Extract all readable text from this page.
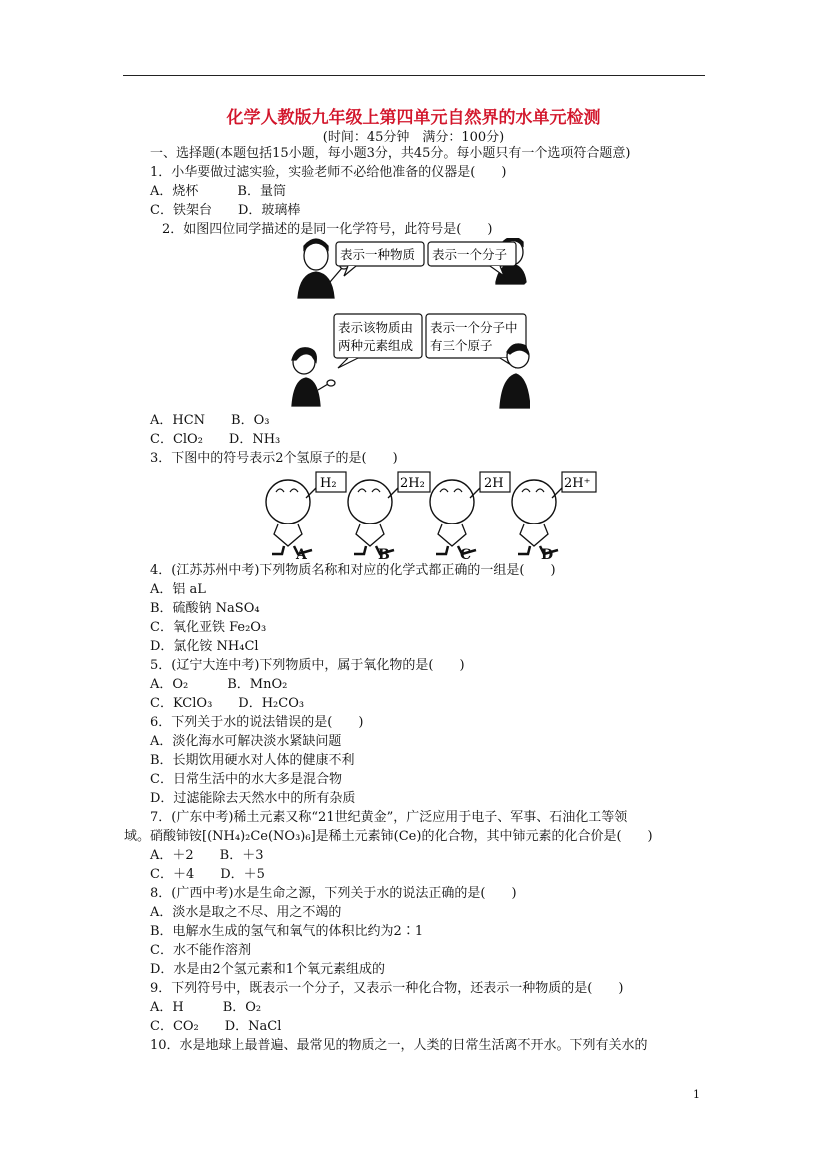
化学人教版九年级上第四单元自然界的水单元检测
(时间：45分钟　满分：100分)
一、选择题(本题包括15小题，每小题3分，共45分。每小题只有一个选项符合题意)
1．小华要做过滤实验，实验老师不必给他准备的仪器是(　　)
A．烧杯　　　B．量筒
C．铁架台　　D．玻璃棒
2．如图四位同学描述的是同一化学符号，此符号是(　　)
表示一种物质 表示一个分子
表示该物质由
两种元素组成
表示一个分子中
有三个原子
A．HCN　　B．O₃
C．ClO₂　　D．NH₃
3．下图中的符号表示2个氢原子的是(　　)
H₂	2H₂	2H	2H⁺
A	B	C	D
4．(江苏苏州中考)下列物质名称和对应的化学式都正确的一组是(　　)
A．铝 aL
B．硫酸钠 NaSO₄
C．氧化亚铁 Fe₂O₃
D．氯化铵 NH₄Cl
5．(辽宁大连中考)下列物质中，属于氧化物的是(　　)
A．O₂　　　B．MnO₂
C．KClO₃　　D．H₂CO₃
6．下列关于水的说法错误的是(　　)
A．淡化海水可解决淡水紧缺问题
B．长期饮用硬水对人体的健康不利
C．日常生活中的水大多是混合物
D．过滤能除去天然水中的所有杂质
7．(广东中考)稀土元素又称“21世纪黄金”，广泛应用于电子、军事、石油化工等领
域。硝酸铈铵[(NH₄)₂Ce(NO₃)₆]是稀土元素铈(Ce)的化合物，其中铈元素的化合价是(　　)
A．＋2　　B．＋3
C．＋4　　D．＋5
8．(广西中考)水是生命之源，下列关于水的说法正确的是(　　)
A．淡水是取之不尽、用之不竭的
B．电解水生成的氢气和氧气的体积比约为2∶1
C．水不能作溶剂
D．水是由2个氢元素和1个氧元素组成的
9．下列符号中，既表示一个分子，又表示一种化合物，还表示一种物质的是(　　)
A．H　　　B．O₂
C．CO₂　　D．NaCl
10．水是地球上最普遍、最常见的物质之一，人类的日常生活离不开水。下列有关水的
1
